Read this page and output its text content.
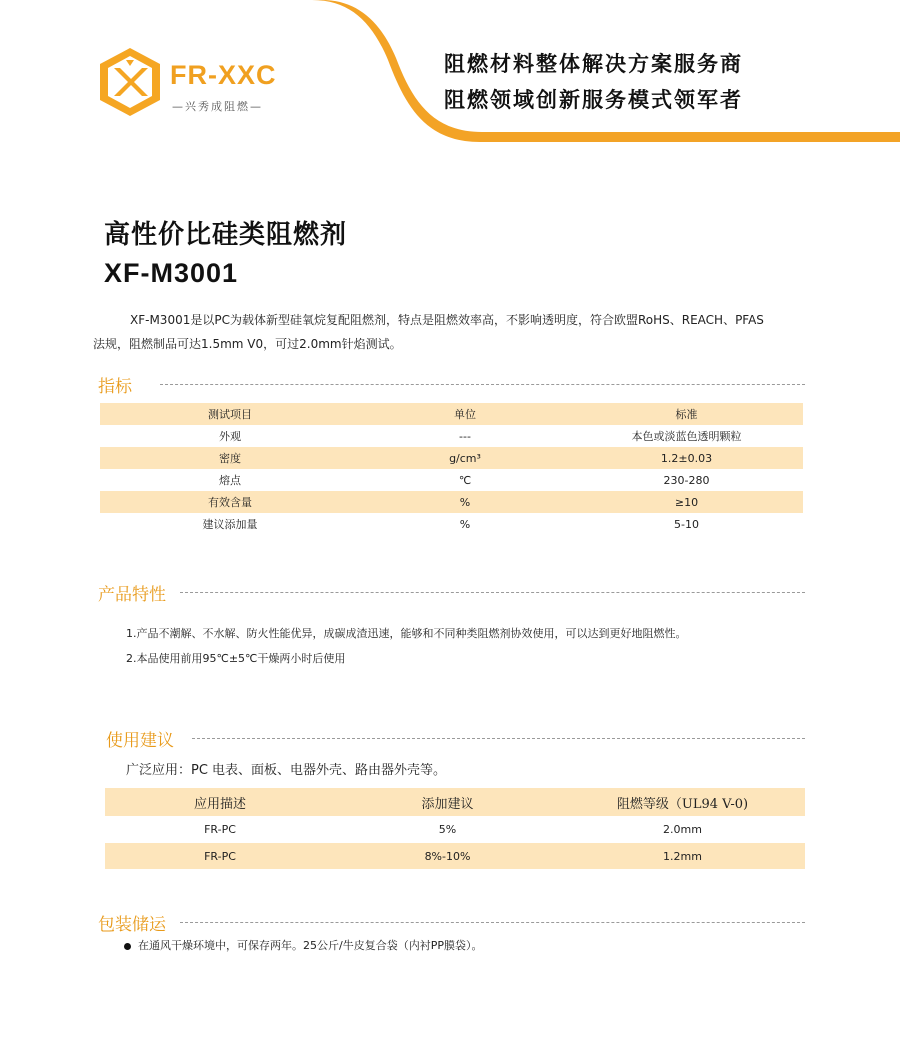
FR-XXC
—兴秀成阻燃—
阻燃材料整体解决方案服务商
阻燃领域创新服务模式领军者
高性价比硅类阻燃剂
XF-M3001
XF-M3001是以PC为载体新型硅氧烷复配阻燃剂，特点是阻燃效率高，不影响透明度，符合欧盟RoHS、REACH、PFAS
法规，阻燃制品可达1.5mm V0，可过2.0mm针焰测试。
指标
测试项目	单位	标准
外观	---	本色或淡蓝色透明颗粒
密度	g/cm³	1.2±0.03
熔点	℃	230-280
有效含量	%	≥10
建议添加量	%	5-10
产品特性
1.产品不潮解、不水解、防火性能优异，成碳成渣迅速，能够和不同种类阻燃剂协效使用，可以达到更好地阻燃性。
2.本品使用前用95℃±5℃干燥两小时后使用
使用建议
广泛应用：PC 电表、面板、电器外壳、路由器外壳等。
应用描述	添加建议	阻燃等级（UL94 V-0)
FR-PC	5%	2.0mm
FR-PC	8%-10%	1.2mm
包装储运
在通风干燥环境中，可保存两年。25公斤/牛皮复合袋（内衬PP膜袋）。
